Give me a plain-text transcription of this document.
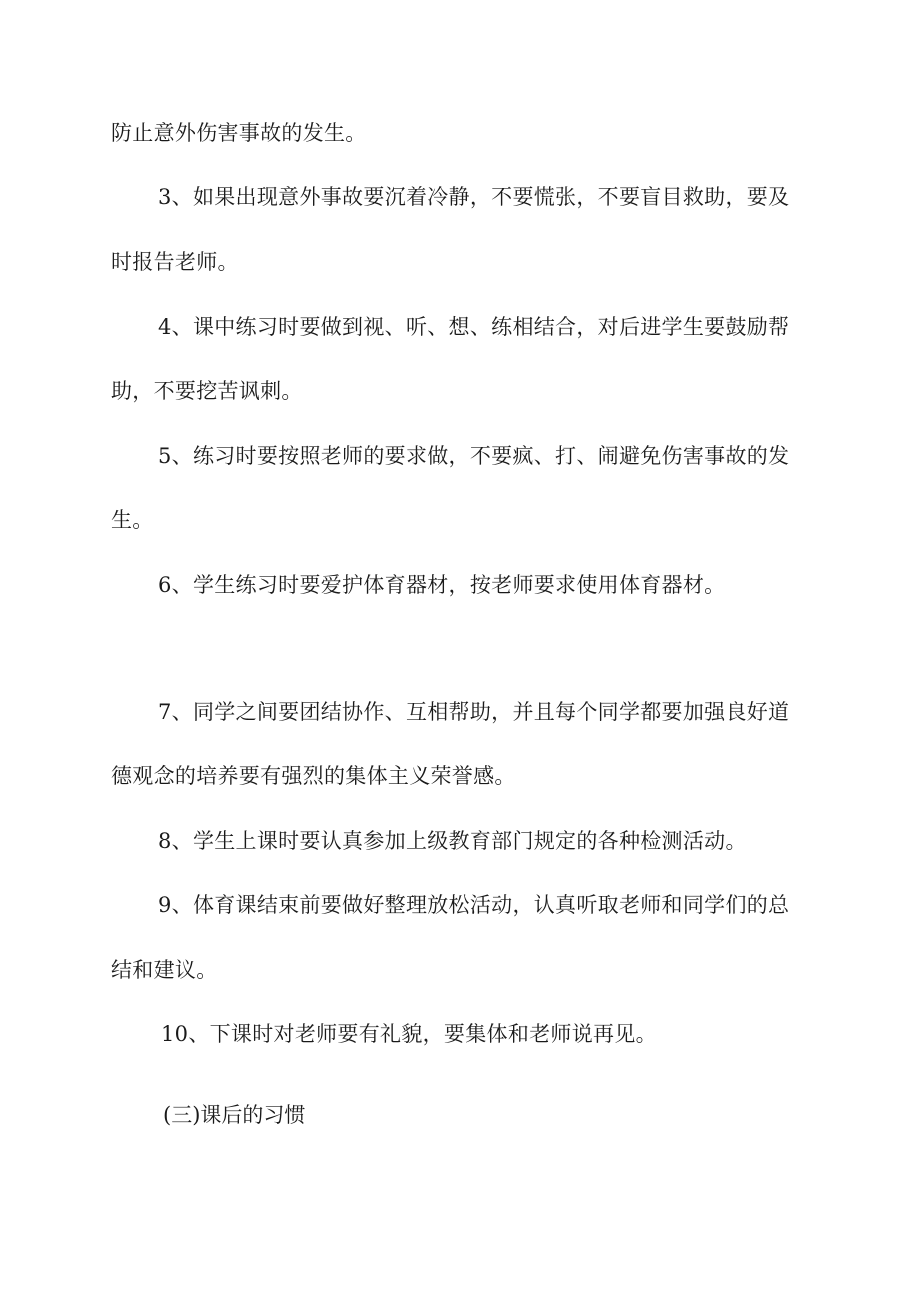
防止意外伤害事故的发生。
3、如果出现意外事故要沉着冷静，不要慌张，不要盲目救助，要及
时报告老师。
4、课中练习时要做到视、听、想、练相结合，对后进学生要鼓励帮
助，不要挖苦讽刺。
5、练习时要按照老师的要求做，不要疯、打、闹避免伤害事故的发
生。
6、学生练习时要爱护体育器材，按老师要求使用体育器材。
7、同学之间要团结协作、互相帮助，并且每个同学都要加强良好道
德观念的培养要有强烈的集体主义荣誉感。
8、学生上课时要认真参加上级教育部门规定的各种检测活动。
9、体育课结束前要做好整理放松活动，认真听取老师和同学们的总
结和建议。
10、下课时对老师要有礼貌，要集体和老师说再见。
(三)课后的习惯
